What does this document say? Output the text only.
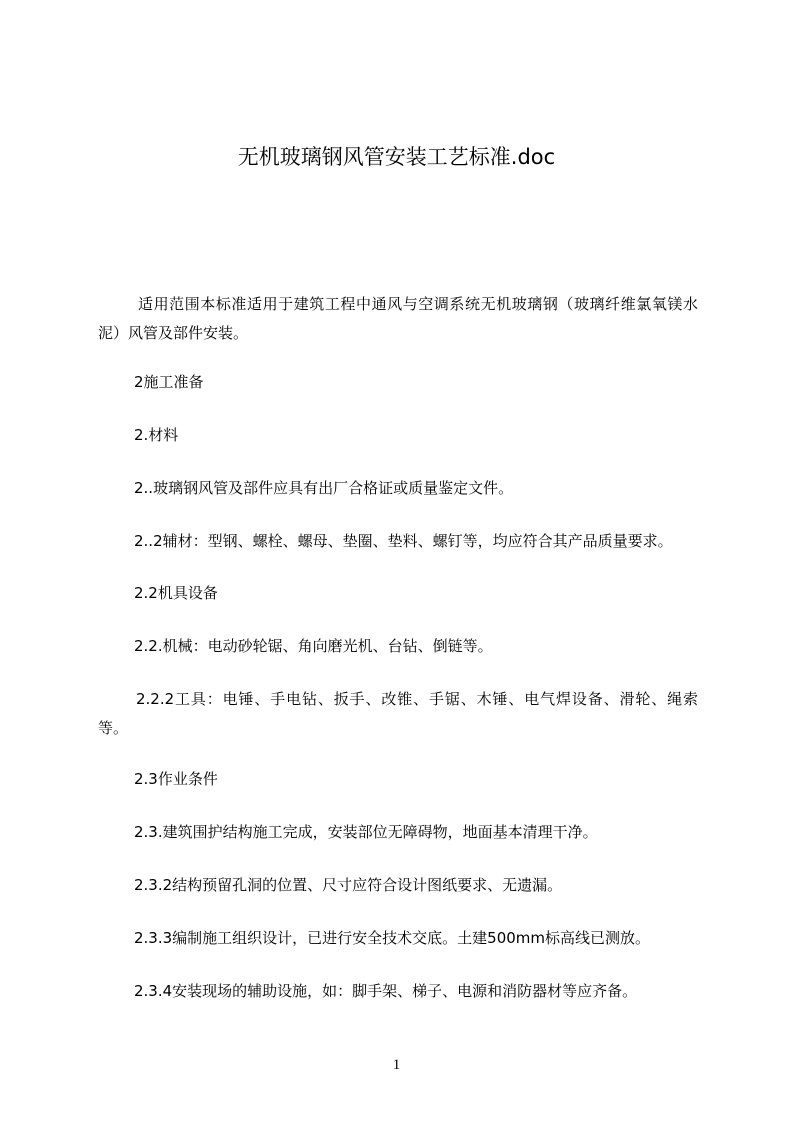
无机玻璃钢风管安装工艺标准.doc
适用范围本标准适用于建筑工程中通风与空调系统无机玻璃钢（玻璃纤维氯氧镁水泥）风管及部件安装。
2施工准备
2.材料
2..玻璃钢风管及部件应具有出厂合格证或质量鉴定文件。
2..2辅材：型钢、螺栓、螺母、垫圈、垫料、螺钉等，均应符合其产品质量要求。
2.2机具设备
2.2.机械：电动砂轮锯、角向磨光机、台钻、倒链等。
2.2.2工具：电锤、手电钻、扳手、改锥、手锯、木锤、电气焊设备、滑轮、绳索等。
2.3作业条件
2.3.建筑围护结构施工完成，安装部位无障碍物，地面基本清理干净。
2.3.2结构预留孔洞的位置、尺寸应符合设计图纸要求、无遗漏。
2.3.3编制施工组织设计，已进行安全技术交底。土建500mm标高线已测放。
2.3.4安装现场的辅助设施，如：脚手架、梯子、电源和消防器材等应齐备。
1
